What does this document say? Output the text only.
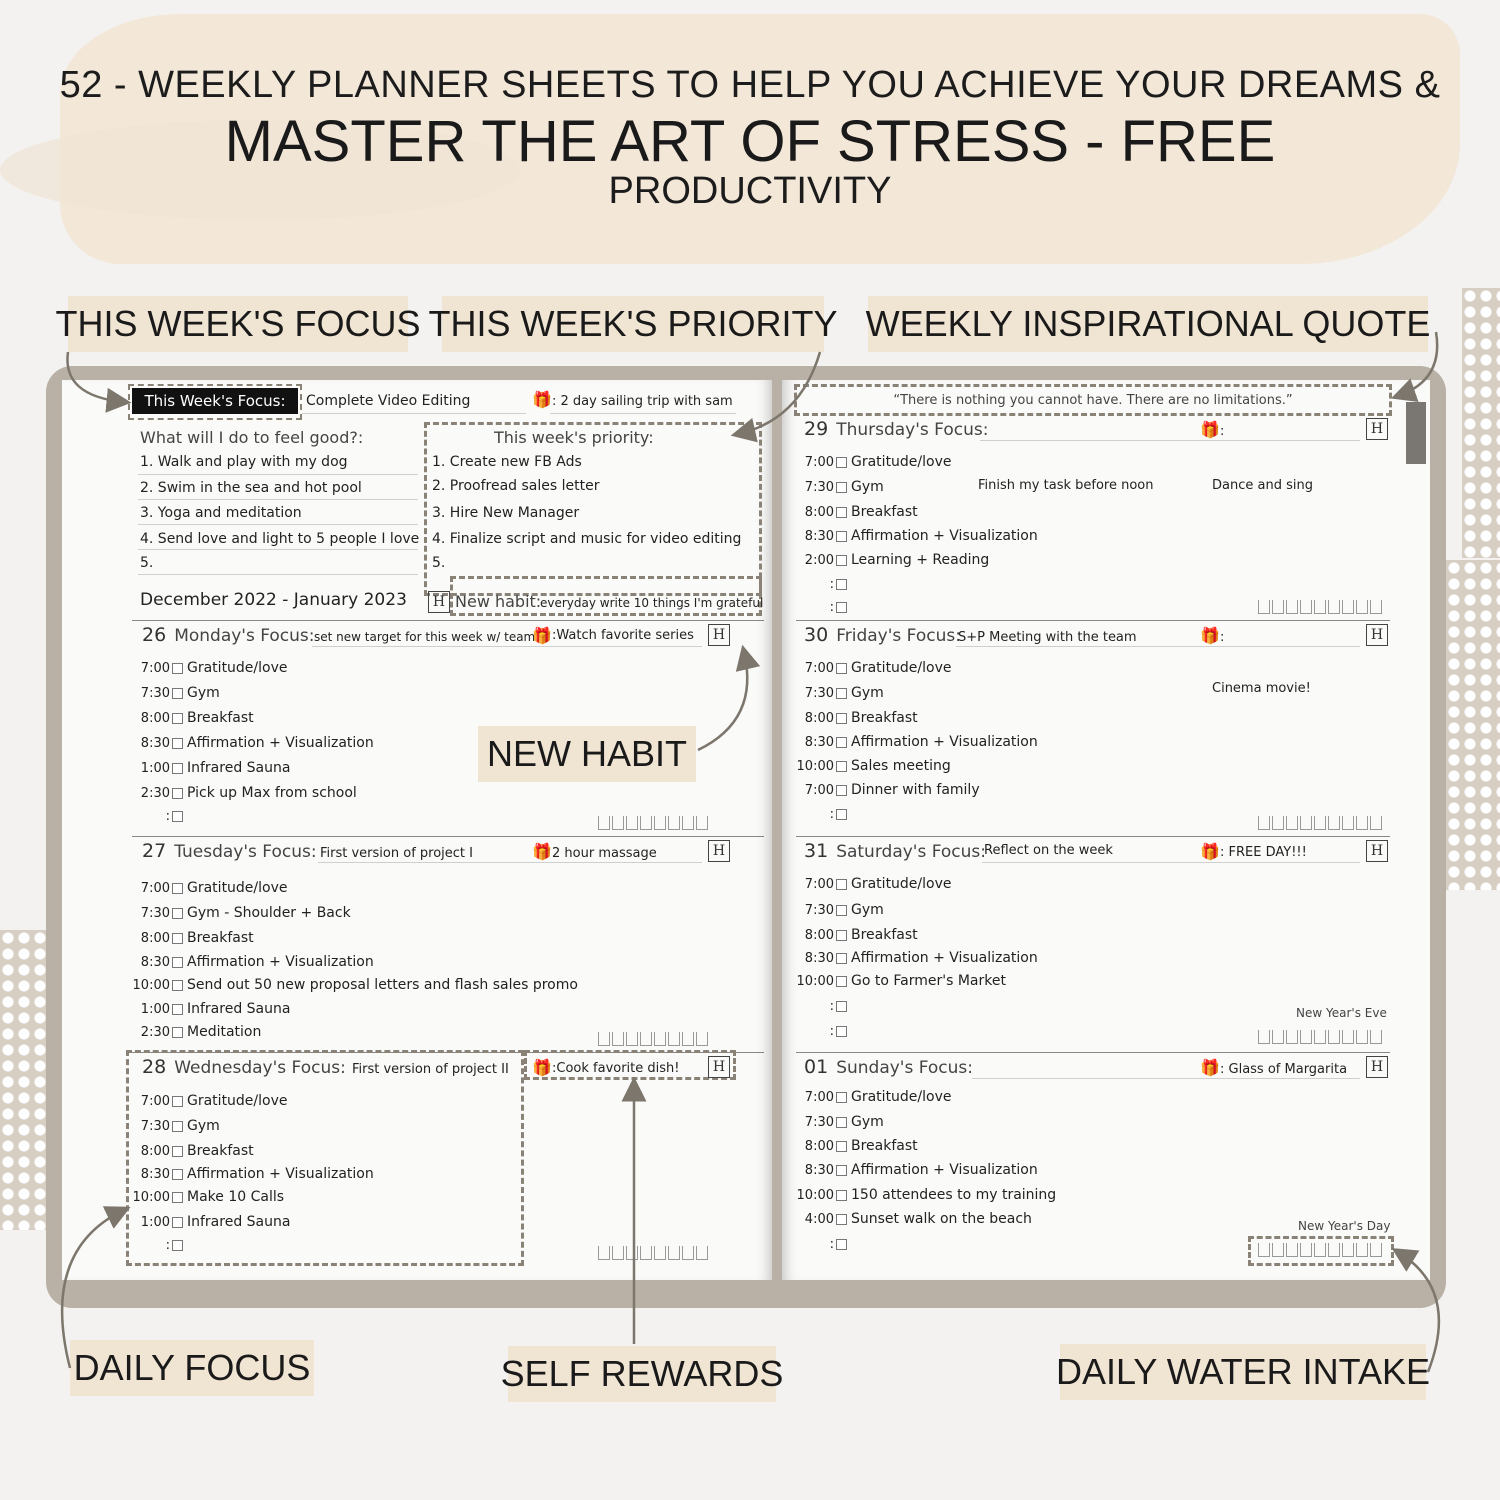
52 - WEEKLY PLANNER SHEETS TO HELP YOU ACHIEVE YOUR DREAMS &
MASTER THE ART OF STRESS - FREE
PRODUCTIVITY
THIS WEEK'S FOCUS THIS WEEK'S PRIORITY WEEKLY INSPIRATIONAL QUOTE
This Week's Focus:	Complete Video Editing	🎁 : 2 day sailing trip with sam
What will I do to feel good?:
1. Walk and play with my dog
2. Swim in the sea and hot pool
3. Yoga and meditation
4. Send love and light to 5 people I love
5.
This week's priority:
1. Create new FB Ads
2. Proofread sales letter
3. Hire New Manager
4. Finalize script and music for video editing
5.
December 2022 - January 2023	H New habit:
everyday write 10 things I'm grateful
26 Monday's Focus: set new target for this week w/ team
🎁 :Watch favorite series	H
7:00 Gratitude/love
7:30 Gym
8:00 Breakfast
8:30 Affirmation + Visualization
1:00 Infrared Sauna
2:30 Pick up Max from school
:
NEW HABIT
27 Tuesday's Focus: First version of project I	🎁 2 hour massage	H
7:00 Gratitude/love
7:30 Gym - Shoulder + Back
8:00 Breakfast
8:30 Affirmation + Visualization
10:00 Send out 50 new proposal letters and flash sales promo
1:00 Infrared Sauna
2:30 Meditation
28 Wednesday's Focus: First version of project II 🎁 :Cook favorite dish!	H
7:00 Gratitude/love
7:30 Gym
8:00 Breakfast
8:30 Affirmation + Visualization
10:00 Make 10 Calls
1:00 Infrared Sauna
:
“There is nothing you cannot have. There are no limitations.”
29 Thursday's Focus:	🎁 :	H
Finish my task before noon	Dance and sing
7:00 Gratitude/love
7:30 Gym
8:00 Breakfast
8:30 Affirmation + Visualization
2:00 Learning + Reading
:
:
30 Friday's Focus:
S+P Meeting with the team	🎁 :	H
Cinema movie!
7:00 Gratitude/love
7:30 Gym
8:00 Breakfast
8:30 Affirmation + Visualization
10:00 Sales meeting
7:00 Dinner with family
:
31 Saturday's Focus:
Reflect on the week	🎁 : FREE DAY!!!	H
7:00 Gratitude/love
7:30 Gym
8:00 Breakfast
8:30 Affirmation + Visualization
10:00 Go to Farmer's Market
:
:
New Year's Eve
01 Sunday's Focus:	🎁 : Glass of Margarita	H
7:00 Gratitude/love
7:30 Gym
8:00 Breakfast
8:30 Affirmation + Visualization
10:00 150 attendees to my training
4:00 Sunset walk on the beach
:
New Year's Day
DAILY FOCUS	SELF REWARDS	DAILY WATER INTAKE
